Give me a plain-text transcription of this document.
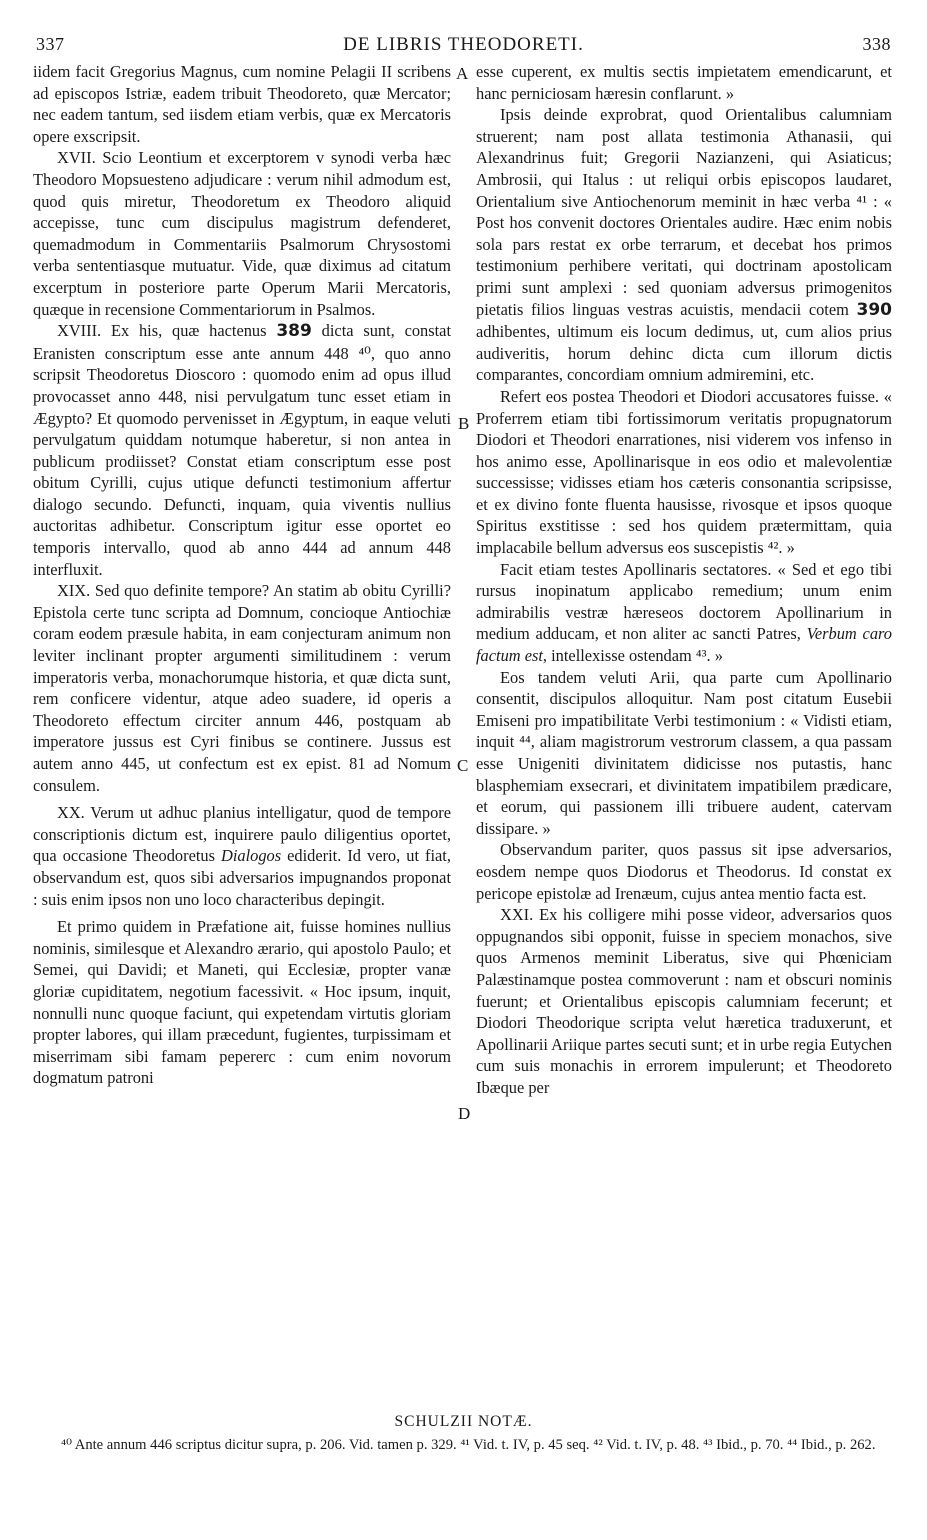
337	DE LIBRIS THEODORETI.	338
A
B
C
D

iidem facit Gregorius Magnus, cum nomine Pelagii II scribens ad episcopos Istriæ, eadem tribuit Theodoreto, quæ Mercator; nec eadem tantum, sed iisdem etiam verbis, quæ ex Mercatoris opere exscripsit.

XVII. Scio Leontium et excerptorem v synodi verba hæc Theodoro Mopsuesteno adjudicare : verum nihil admodum est, quod quis miretur, Theodoretum ex Theodoro aliquid accepisse, tunc cum discipulus magistrum defenderet, quemadmodum in Commentariis Psalmorum Chrysostomi verba sententiasque mutuatur. Vide, quæ diximus ad citatum excerptum in posteriore parte Operum Marii Mercatoris, quæque in recensione Commentariorum in Psalmos.

XVIII. Ex his, quæ hactenus 389 dicta sunt, constat Eranisten conscriptum esse ante annum 448 ⁴⁰, quo anno scripsit Theodoretus Dioscoro : quomodo enim ad opus illud provocasset anno 448, nisi pervulgatum tunc esset etiam in Ægypto? Et quomodo pervenisset in Ægyptum, in eaque veluti pervulgatum quiddam notumque haberetur, si non antea in publicum prodiisset? Constat etiam conscriptum esse post obitum Cyrilli, cujus utique defuncti testimonium affertur dialogo secundo. Defuncti, inquam, quia viventis nullius auctoritas adhibetur. Conscriptum igitur esse oportet eo temporis intervallo, quod ab anno 444 ad annum 448 interfluxit.

XIX. Sed quo definite tempore? An statim ab obitu Cyrilli? Epistola certe tunc scripta ad Domnum, concioque Antiochiæ coram eodem præsule habita, in eam conjecturam animum non leviter inclinant propter argumenti similitudinem : verum imperatoris verba, monachorumque historia, et quæ dicta sunt, rem conficere videntur, atque adeo suadere, id operis a Theodoreto effectum circiter annum 446, postquam ab imperatore jussus est Cyri finibus se continere. Jussus est autem anno 445, ut confectum est ex epist. 81 ad Nomum consulem.

XX. Verum ut adhuc planius intelligatur, quod de tempore conscriptionis dictum est, inquirere paulo diligentius oportet, qua occasione Theodoretus Dialogos ediderit. Id vero, ut fiat, observandum est, quos sibi adversarios impugnandos proponat : suis enim ipsos non uno loco characteribus depingit.

Et primo quidem in Præfatione ait, fuisse homines nullius nominis, similesque et Alexandro ærario, qui apostolo Paulo; et Semei, qui Davidi; et Maneti, qui Ecclesiæ, propter vanæ gloriæ cupiditatem, negotium facessivit. « Hoc ipsum, inquit, nonnulli nunc quoque faciunt, qui expetendam virtutis gloriam propter labores, qui illam præcedunt, fugientes, turpissimam et miserrimam sibi famam pepererc : cum enim novorum dogmatum patroni

esse cuperent, ex multis sectis impietatem emendicarunt, et hanc perniciosam hæresin conflarunt. »

Ipsis deinde exprobrat, quod Orientalibus calumniam struerent; nam post allata testimonia Athanasii, qui Alexandrinus fuit; Gregorii Nazianzeni, qui Asiaticus; Ambrosii, qui Italus : ut reliqui orbis episcopos laudaret, Orientalium sive Antiochenorum meminit in hæc verba ⁴¹ : « Post hos convenit doctores Orientales audire. Hæc enim nobis sola pars restat ex orbe terrarum, et decebat hos primos testimonium perhibere veritati, qui doctrinam apostolicam primi sunt amplexi : sed quoniam adversus primogenitos pietatis filios linguas vestras acuistis, mendacii cotem 390 adhibentes, ultimum eis locum dedimus, ut, cum alios prius audiveritis, horum dehinc dicta cum illorum dictis comparantes, concordiam omnium admiremini, etc.

Refert eos postea Theodori et Diodori accusatores fuisse. « Proferrem etiam tibi fortissimorum veritatis propugnatorum Diodori et Theodori enarrationes, nisi viderem vos infenso in hos animo esse, Apollinarisque in eos odio et malevolentiæ successisse; vidisses etiam hos cæteris consonantia scripsisse, et ex divino fonte fluenta hausisse, rivosque et ipsos quoque Spiritus exstitisse : sed hos quidem prætermittam, quia implacabile bellum adversus eos suscepistis ⁴². »

Facit etiam testes Apollinaris sectatores. « Sed et ego tibi rursus inopinatum applicabo remedium; unum enim admirabilis vestræ hæreseos doctorem Apollinarium in medium adducam, et non aliter ac sancti Patres, Verbum caro factum est, intellexisse ostendam ⁴³. »

Eos tandem veluti Arii, qua parte cum Apollinario consentit, discipulos alloquitur. Nam post citatum Eusebii Emiseni pro impatibilitate Verbi testimonium : « Vidisti etiam, inquit ⁴⁴, aliam magistrorum vestrorum classem, a qua passam esse Unigeniti divinitatem didicisse nos putastis, hanc blasphemiam exsecrari, et divinitatem impatibilem prædicare, et eorum, qui passionem illi tribuere audent, catervam dissipare. »

Observandum pariter, quos passus sit ipse adversarios, eosdem nempe quos Diodorus et Theodorus. Id constat ex pericope epistolæ ad Irenæum, cujus antea mentio facta est.

XXI. Ex his colligere mihi posse videor, adversarios quos oppugnandos sibi opponit, fuisse in speciem monachos, sive quos Armenos meminit Liberatus, sive qui Phœniciam Palæstinamque postea commoverunt : nam et obscuri nominis fuerunt; et Orientalibus episcopis calumniam fecerunt; et Diodori Theodorique scripta velut hæretica traduxerunt, et Apollinarii Ariique partes secuti sunt; et in urbe regia Eutychen cum suis monachis in errorem impulerunt; et Theodoreto Ibæque per

SCHULZII NOTÆ.

⁴⁰ Ante annum 446 scriptus dicitur supra, p. 206. Vid. tamen p. 329. ⁴¹ Vid. t. IV, p. 45 seq. ⁴² Vid. t. IV, p. 48. ⁴³ Ibid., p. 70. ⁴⁴ Ibid., p. 262.
